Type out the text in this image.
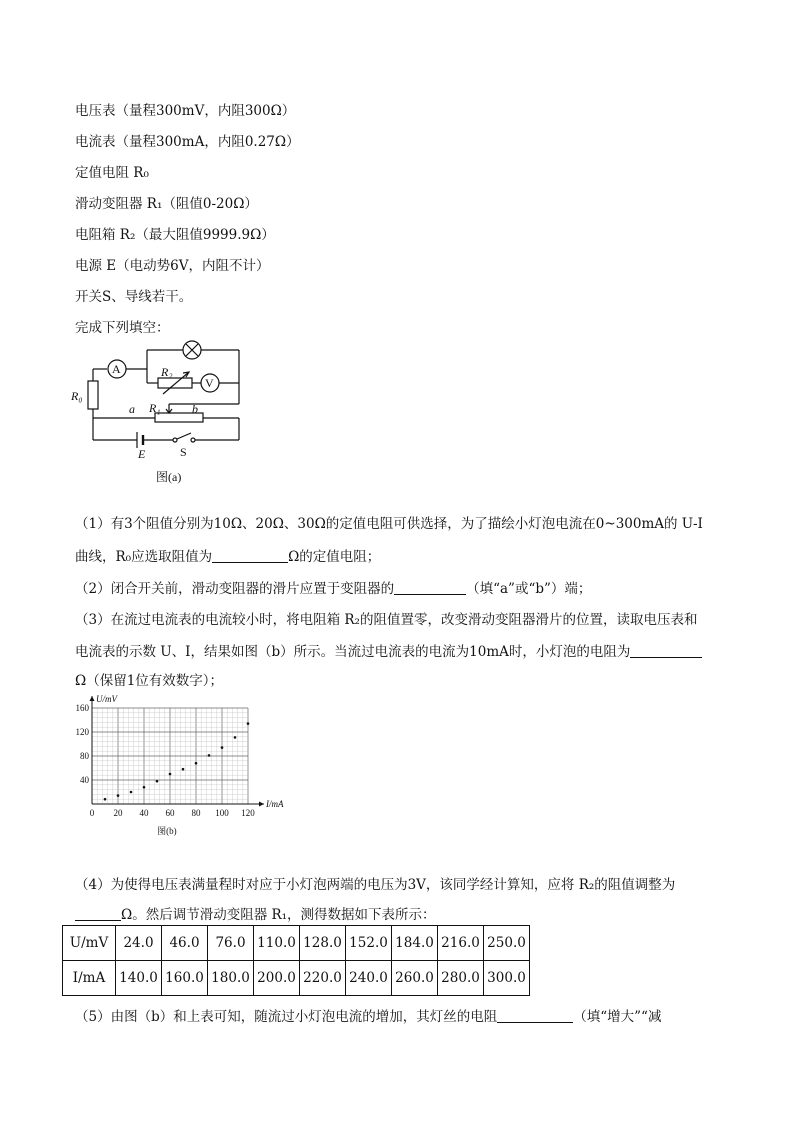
电压表（量程300mV，内阻300Ω）
电流表（量程300mA，内阻0.27Ω）
定值电阻 R₀
滑动变阻器 R₁（阻值0-20Ω）
电阻箱 R₂（最大阻值9999.9Ω）
电源 E（电动势6V，内阻不计）
开关S、导线若干。
完成下列填空：
A
V
R₂
R₁
a	b
R₀
E	S
图(a)
（1）有3个阻值分别为10Ω、20Ω、30Ω的定值电阻可供选择，为了描绘小灯泡电流在0~300mA的 U-I
曲线，R₀应选取阻值为	Ω的定值电阻；
（2）闭合开关前，滑动变阻器的滑片应置于变阻器的	（填“a”或“b”）端；
（3）在流过电流表的电流较小时，将电阻箱 R₂的阻值置零，改变滑动变阻器滑片的位置，读取电压表和
电流表的示数 U、I，结果如图（b）所示。当流过电流表的电流为10mA时，小灯泡的电阻为
Ω（保留1位有效数字）；
0 20 40 60 80 100 120
40
80
120
160
U/mV
I/mA
图(b)
（4）为使得电压表满量程时对应于小灯泡两端的电压为3V，该同学经计算知，应将 R₂的阻值调整为
Ω。然后调节滑动变阻器 R₁，测得数据如下表所示：
U/mV	24.0	46.0	76.0	110.0	128.0	152.0	184.0	216.0	250.0
I/mA	140.0	160.0	180.0	200.0	220.0	240.0	260.0	280.0	300.0
（5）由图（b）和上表可知，随流过小灯泡电流的增加，其灯丝的电阻	（填“增大”“减
